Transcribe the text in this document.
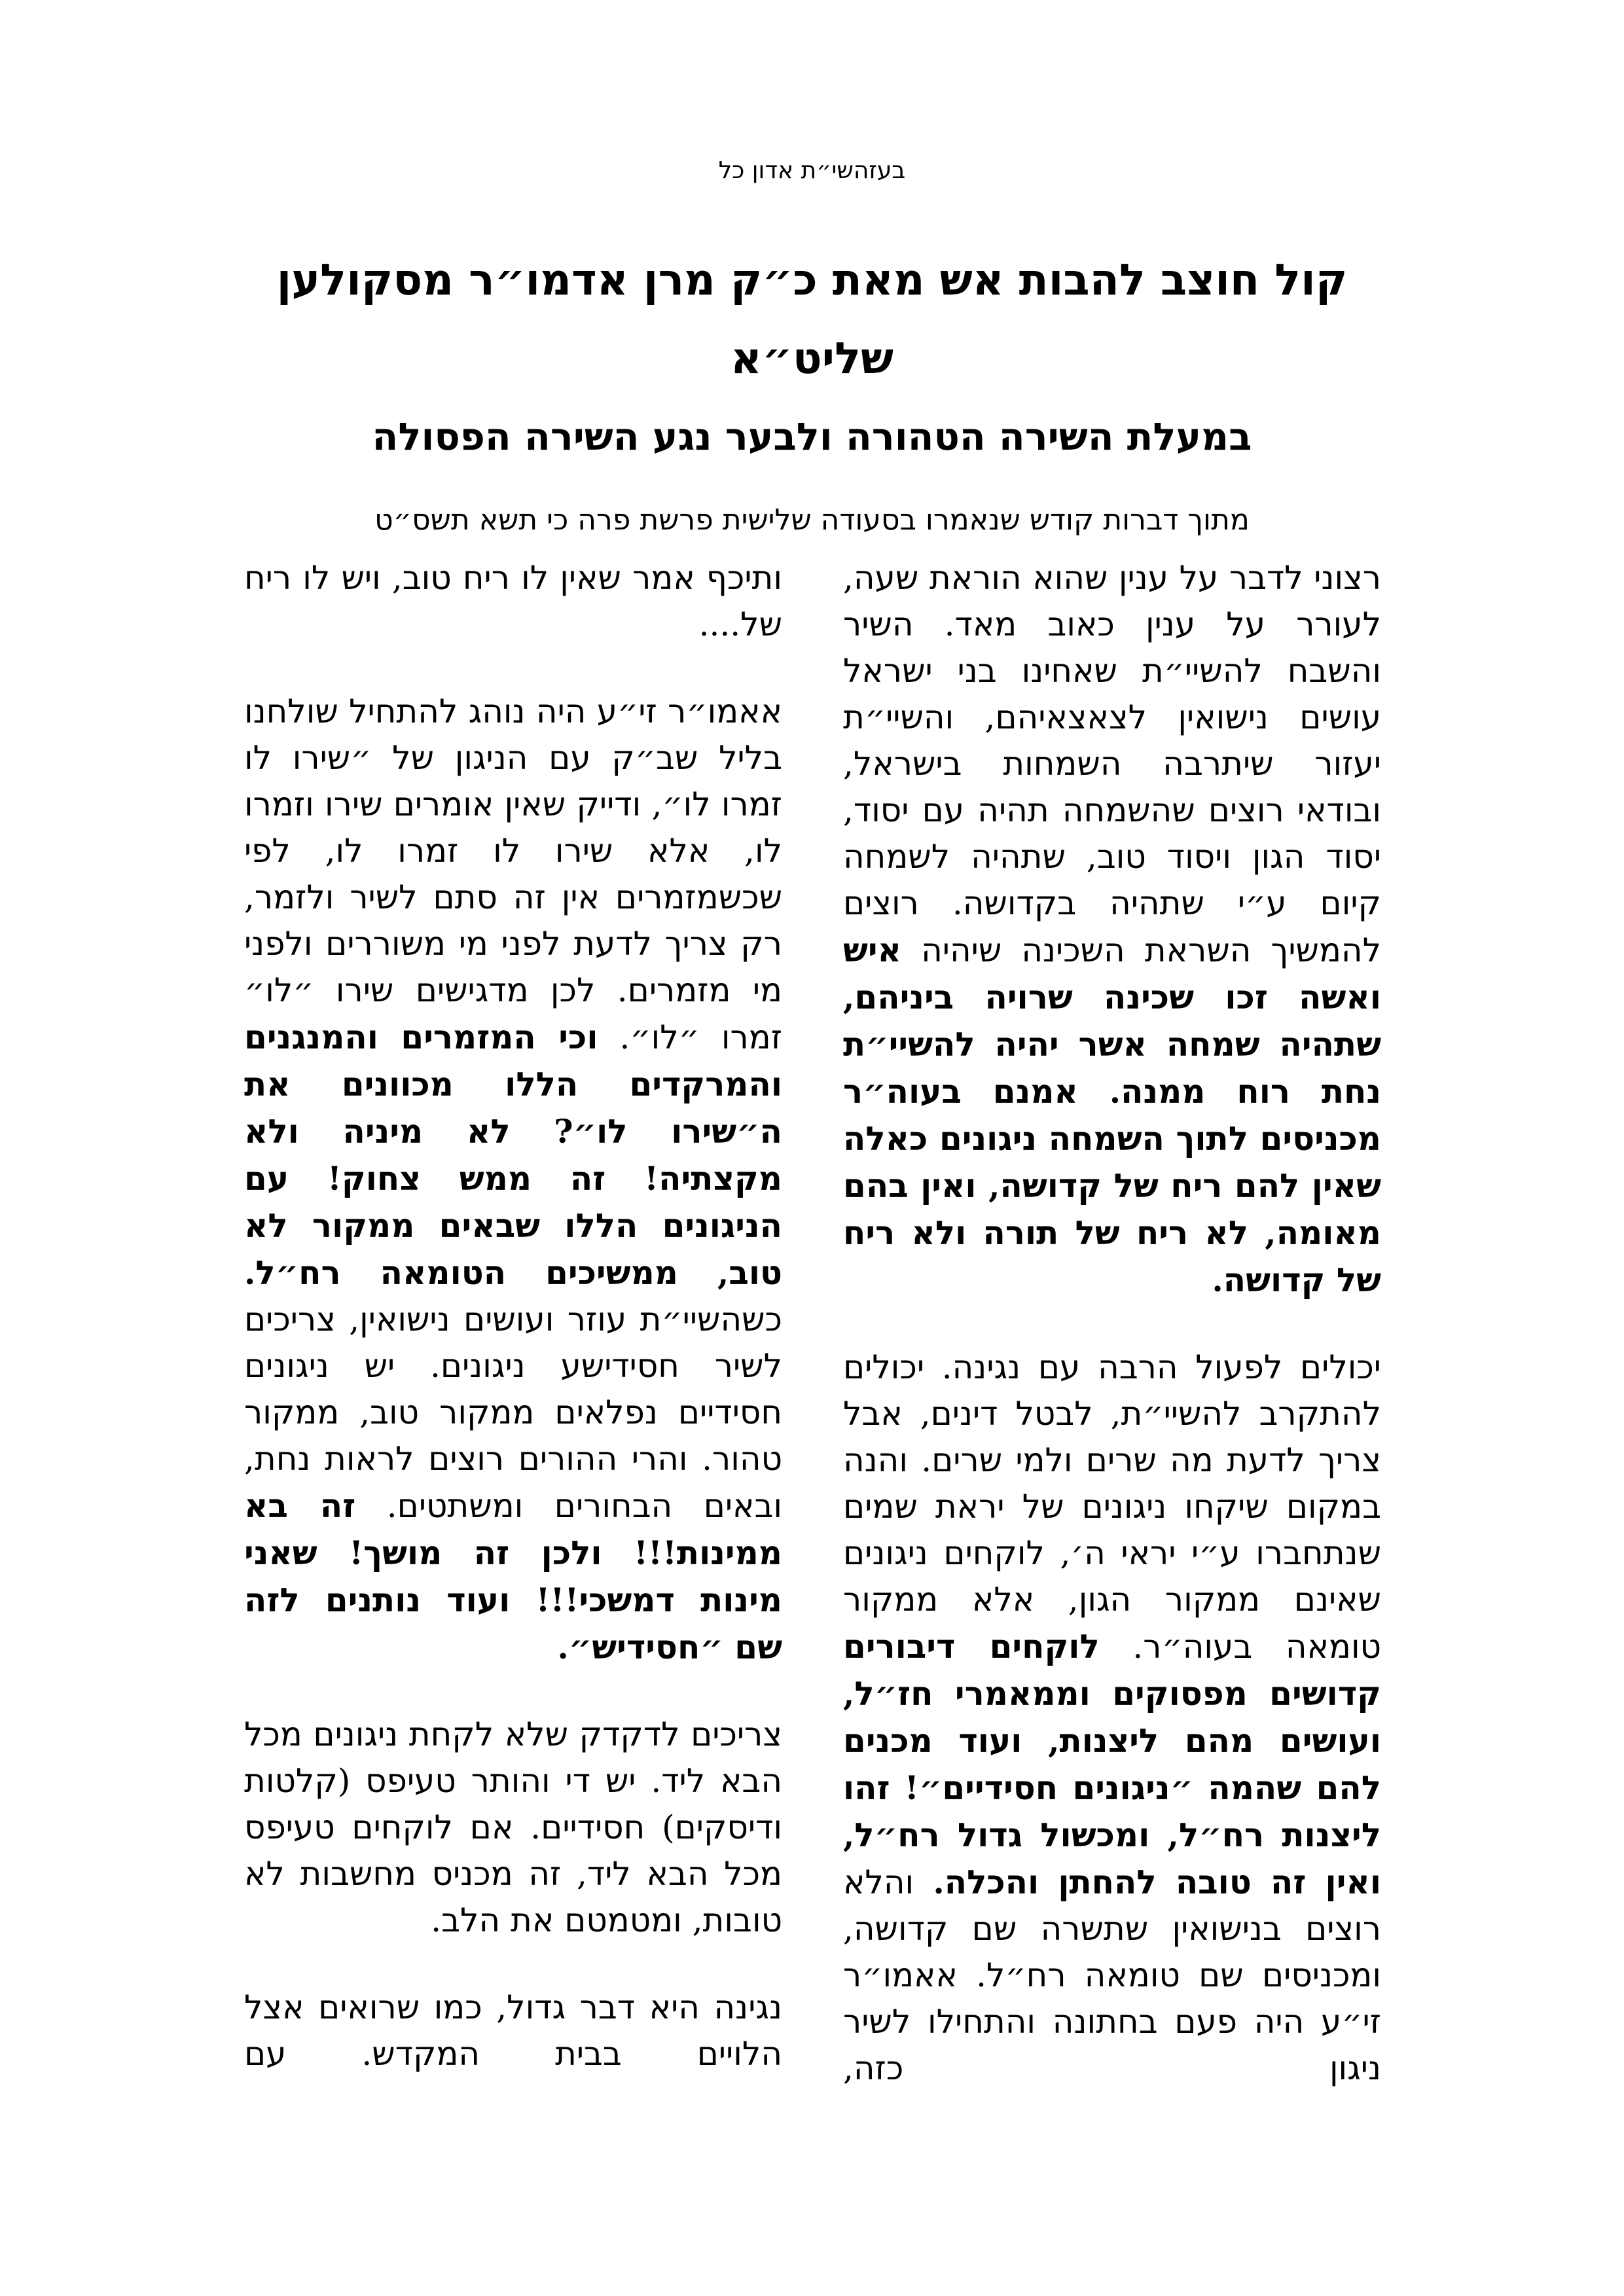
בעזהשי״ת אדון כל
קול חוצב להבות אש מאת כ״ק מרן אדמו״ר מסקולען
שליט״א
במעלת השירה הטהורה ולבער נגע השירה הפסולה
מתוך דברות קודש שנאמרו בסעודה שלישית פרשת פרה כי תשא תשס״ט

רצוני לדבר על ענין שהוא הוראת שעה, לעורר על ענין כאוב מאד. השיר והשבח להשיי״ת שאחינו בני ישראל עושים נישואין לצאצאיהם, והשיי״ת יעזור שיתרבה השמחות בישראל, ובודאי רוצים שהשמחה תהיה עם יסוד, יסוד הגון ויסוד טוב, שתהיה לשמחה קיום ע״י שתהיה בקדושה. רוצים להמשיך השראת השכינה שיהיה איש ואשה זכו שכינה שרויה ביניהם, שתהיה שמחה אשר יהיה להשיי״ת נחת רוח ממנה. אמנם בעוה״ר מכניסים לתוך השמחה ניגונים כאלה שאין להם ריח של קדושה, ואין בהם מאומה, לא ריח של תורה ולא ריח של קדושה.

יכולים לפעול הרבה עם נגינה. יכולים להתקרב להשיי״ת, לבטל דינים, אבל צריך לדעת מה שרים ולמי שרים. והנה במקום שיקחו ניגונים של יראת שמים שנתחברו ע״י יראי ה׳, לוקחים ניגונים שאינם ממקור הגון, אלא ממקור טומאה בעוה״ר. לוקחים דיבורים קדושים מפסוקים וממאמרי חז״ל, ועושים מהם ליצנות, ועוד מכנים להם שהמה ״ניגונים חסידיים״! זהו ליצנות רח״ל, ומכשול גדול רח״ל, ואין זה טובה להחתן והכלה. והלא רוצים בנישואין שתשרה שם קדושה, ומכניסים שם טומאה רח״ל. אאמו״ר זי״ע היה פעם בחתונה והתחילו לשיר ניגון כזה,

ותיכף אמר שאין לו ריח טוב, ויש לו ריח של....

אאמו״ר זי״ע היה נוהג להתחיל שולחנו בליל שב״ק עם הניגון של ״שירו לו זמרו לו״, ודייק שאין אומרים שירו וזמרו לו, אלא שירו לו זמרו לו, לפי שכשמזמרים אין זה סתם לשיר ולזמר, רק צריך לדעת לפני מי משוררים ולפני מי מזמרים. לכן מדגישים שירו ״לו״ זמרו ״לו״. וכי המזמרים והמנגנים והמרקדים הללו מכוונים את ה״שירו לו״? לא מיניה ולא מקצתיה! זה ממש צחוק! עם הניגונים הללו שבאים ממקור לא טוב, ממשיכים הטומאה רח״ל. כשהשיי״ת עוזר ועושים נישואין, צריכים לשיר חסידישע ניגונים. יש ניגונים חסידיים נפלאים ממקור טוב, ממקור טהור. והרי ההורים רוצים לראות נחת, ובאים הבחורים ומשתטים. זה בא ממינות!!! ולכן זה מושך! שאני מינות דמשכי!!! ועוד נותנים לזה שם ״חסידיש״.

צריכים לדקדק שלא לקחת ניגונים מכל הבא ליד. יש די והותר טעיפס (קלטות ודיסקים) חסידיים. אם לוקחים טעיפס מכל הבא ליד, זה מכניס מחשבות לא טובות, ומטמטם את הלב.

נגינה היא דבר גדול, כמו שרואים אצל הלויים בבית המקדש. עם
